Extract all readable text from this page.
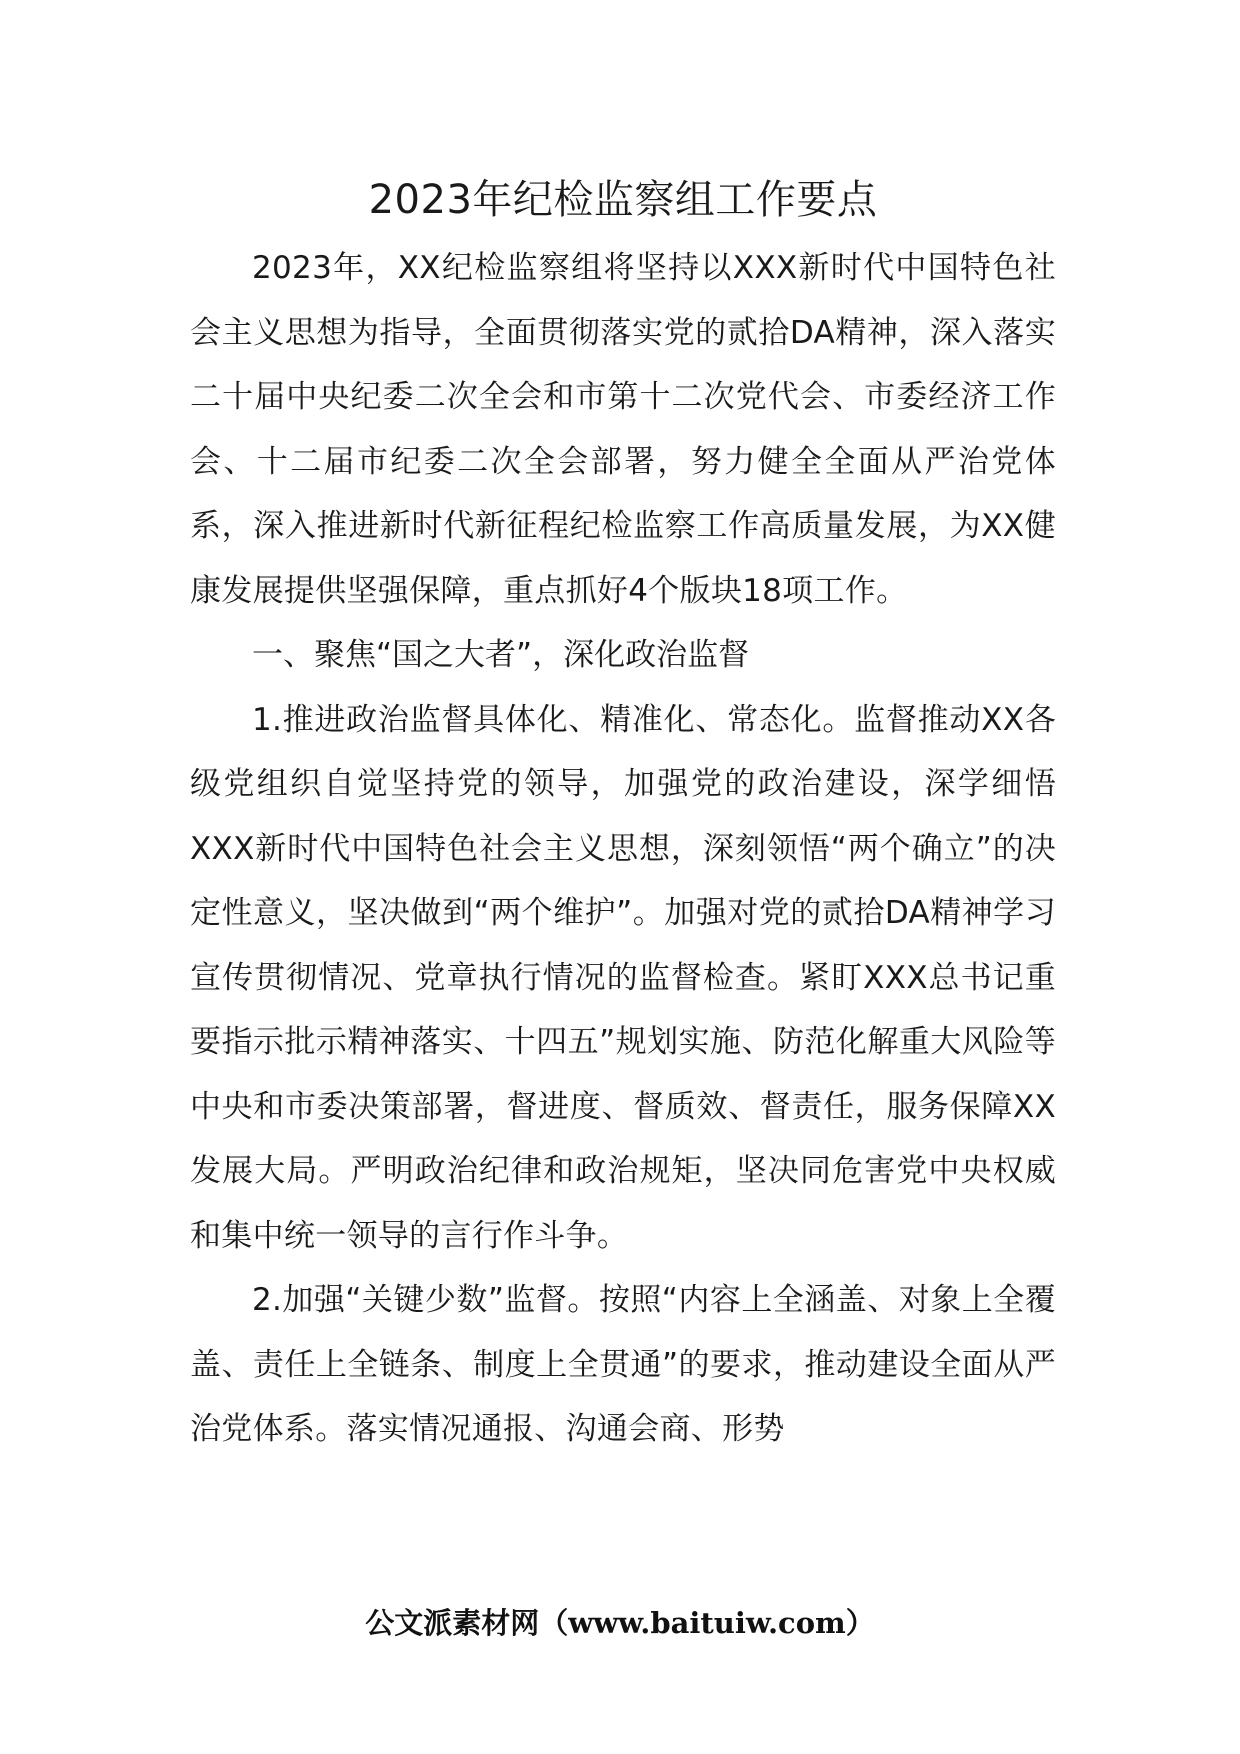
2023年纪检监察组工作要点

2023年，XX纪检监察组将坚持以XXX新时代中国特色社会主义思想为指导，全面贯彻落实党的贰拾DA精神，深入落实二十届中央纪委二次全会和市第十二次党代会、市委经济工作会、十二届市纪委二次全会部署，努力健全全面从严治党体系，深入推进新时代新征程纪检监察工作高质量发展，为XX健康发展提供坚强保障，重点抓好4个版块18项工作。

一、聚焦“国之大者”，深化政治监督

1.推进政治监督具体化、精准化、常态化。监督推动XX各级党组织自觉坚持党的领导，加强党的政治建设，深学细悟XXX新时代中国特色社会主义思想，深刻领悟“两个确立”的决定性意义，坚决做到“两个维护”。加强对党的贰拾DA精神学习宣传贯彻情况、党章执行情况的监督检查。紧盯XXX总书记重要指示批示精神落实、十四五”规划实施、防范化解重大风险等中央和市委决策部署，督进度、督质效、督责任，服务保障XX发展大局。严明政治纪律和政治规矩，坚决同危害党中央权威和集中统一领导的言行作斗争。

2.加强“关键少数”监督。按照“内容上全涵盖、对象上全覆盖、责任上全链条、制度上全贯通”的要求，推动建设全面从严治党体系。落实情况通报、沟通会商、形势

公文派素材网（www.baituiw.com）
